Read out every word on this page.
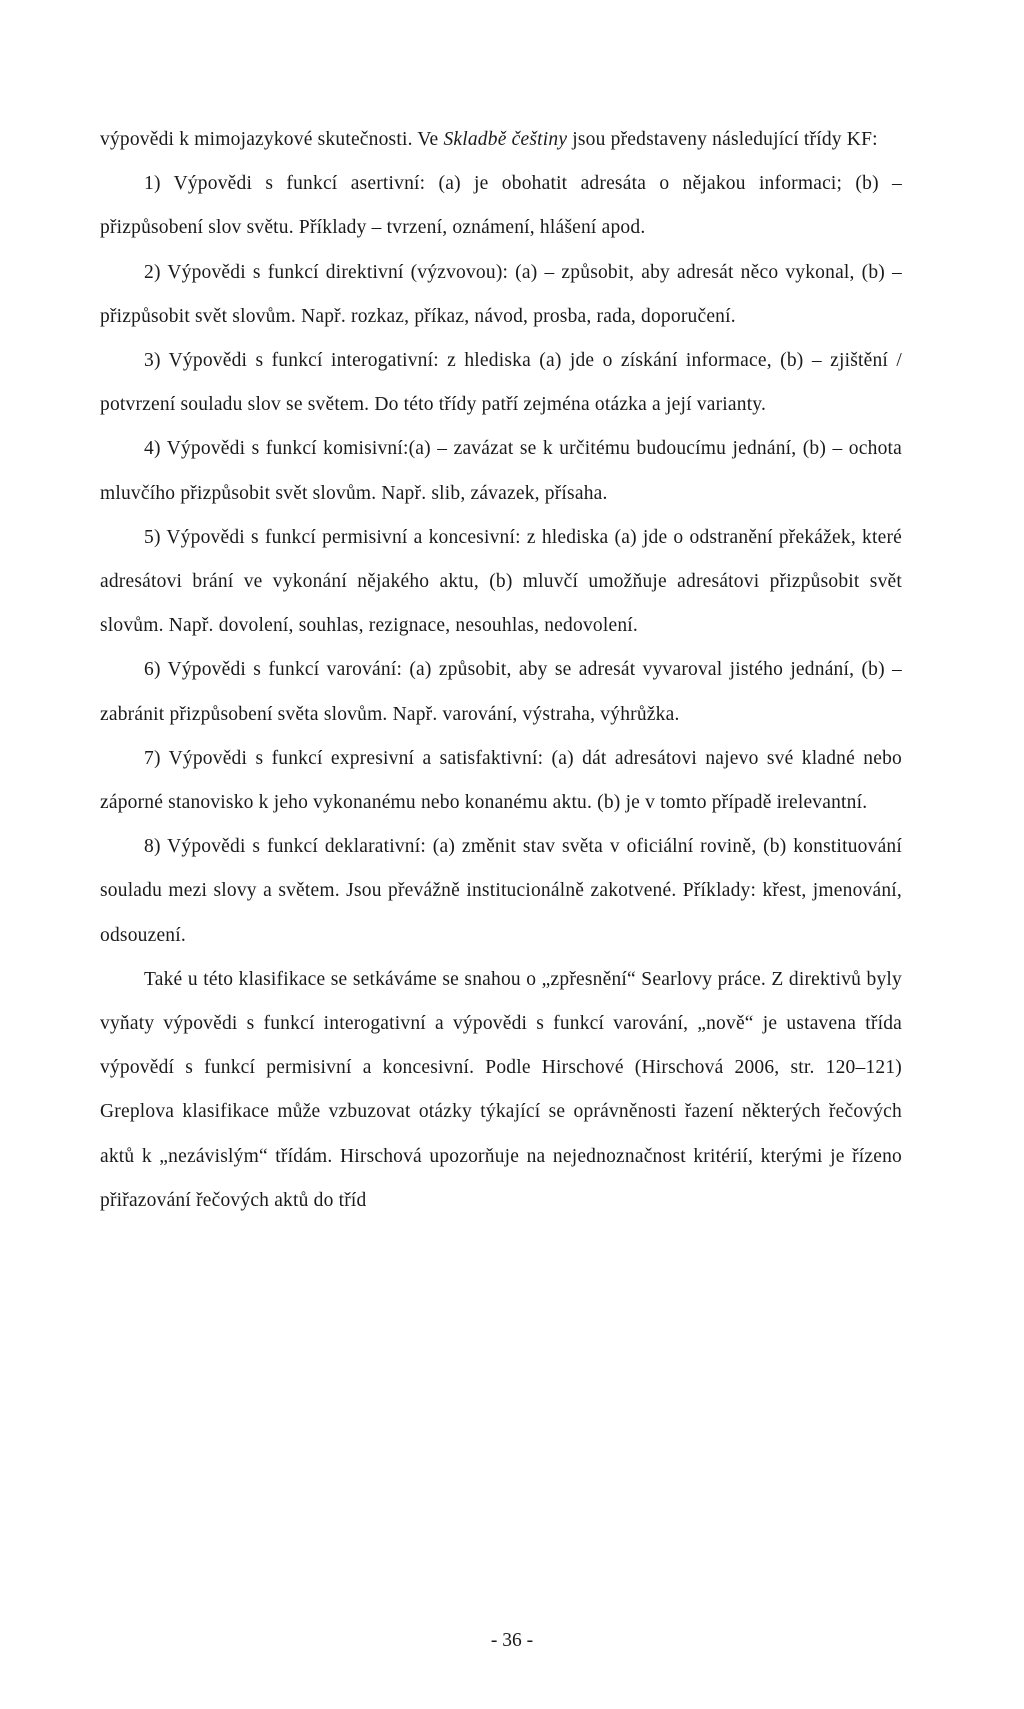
výpovědi k mimojazykové skutečnosti. Ve Skladbě češtiny jsou představeny následující třídy KF:

1) Výpovědi s funkcí asertivní: (a) je obohatit adresáta o nějakou informaci; (b) – přizpůsobení slov světu. Příklady – tvrzení, oznámení, hlášení apod.

2) Výpovědi s funkcí direktivní (výzvovou): (a) – způsobit, aby adresát něco vykonal, (b) – přizpůsobit svět slovům. Např. rozkaz, příkaz, návod, prosba, rada, doporučení.

3) Výpovědi s funkcí interogativní: z hlediska (a) jde o získání informace, (b) – zjištění / potvrzení souladu slov se světem. Do této třídy patří zejména otázka a její varianty.

4) Výpovědi s funkcí komisivní:(a) – zavázat se k určitému budoucímu jednání, (b) – ochota mluvčího přizpůsobit svět slovům. Např. slib, závazek, přísaha.

5) Výpovědi s funkcí permisivní a koncesivní: z hlediska (a) jde o odstranění překážek, které adresátovi brání ve vykonání nějakého aktu, (b) mluvčí umožňuje adresátovi přizpůsobit svět slovům. Např. dovolení, souhlas, rezignace, nesouhlas, nedovolení.

6) Výpovědi s funkcí varování: (a) způsobit, aby se adresát vyvaroval jistého jednání, (b) – zabránit přizpůsobení světa slovům. Např. varování, výstraha, výhrůžka.

7) Výpovědi s funkcí expresivní a satisfaktivní: (a) dát adresátovi najevo své kladné nebo záporné stanovisko k jeho vykonanému nebo konanému aktu. (b) je v tomto případě irelevantní.

8) Výpovědi s funkcí deklarativní: (a) změnit stav světa v oficiální rovině, (b) konstituování souladu mezi slovy a světem. Jsou převážně institucionálně zakotvené. Příklady: křest, jmenování, odsouzení.

Také u této klasifikace se setkáváme se snahou o „zpřesnění“ Searlovy práce. Z direktivů byly vyňaty výpovědi s funkcí interogativní a výpovědi s funkcí varování, „nově“ je ustavena třída výpovědí s funkcí permisivní a koncesivní. Podle Hirschové (Hirschová 2006, str. 120–121) Greplova klasifikace může vzbuzovat otázky týkající se oprávněnosti řazení některých řečových aktů k „nezávislým“ třídám. Hirschová upozorňuje na nejednoznačnost kritérií, kterými je řízeno přiřazování řečových aktů do tříd

- 36 -
